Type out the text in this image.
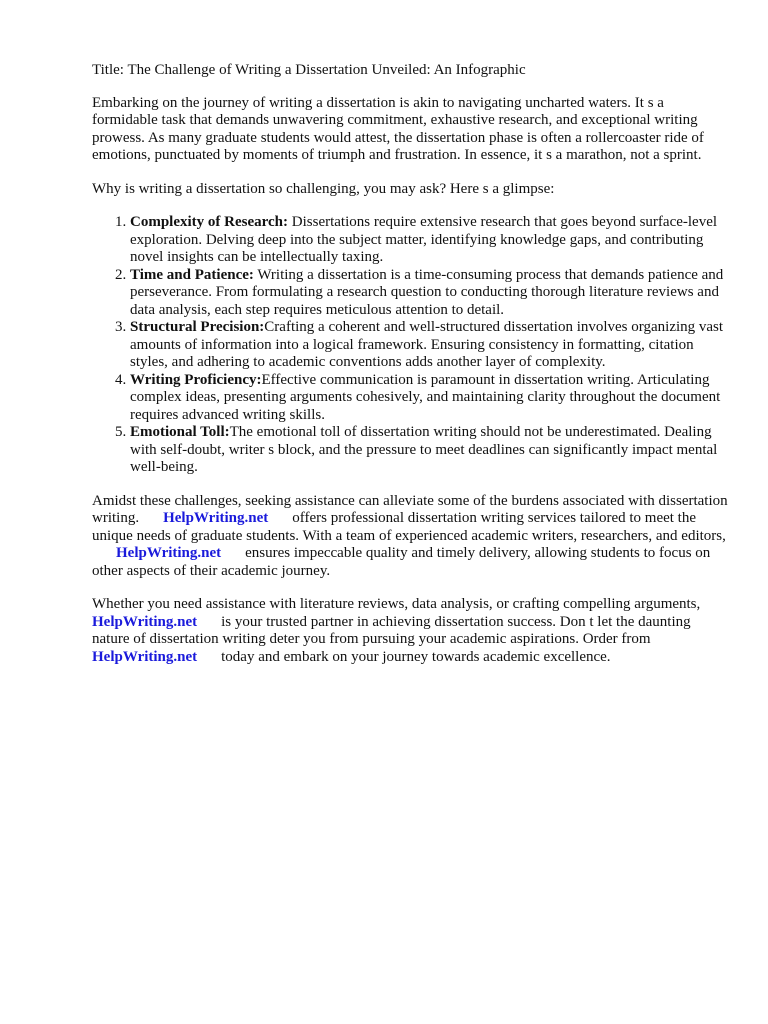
Title: The Challenge of Writing a Dissertation Unveiled: An Infographic

Embarking on the journey of writing a dissertation is akin to navigating uncharted waters. It s a formidable task that demands unwavering commitment, exhaustive research, and exceptional writing prowess. As many graduate students would attest, the dissertation phase is often a rollercoaster ride of emotions, punctuated by moments of triumph and frustration. In essence, it s a marathon, not a sprint.

Why is writing a dissertation so challenging, you may ask? Here s a glimpse:

1. Complexity of Research: Dissertations require extensive research that goes beyond surface-level exploration. Delving deep into the subject matter, identifying knowledge gaps, and contributing novel insights can be intellectually taxing.
2. Time and Patience: Writing a dissertation is a time-consuming process that demands patience and perseverance. From formulating a research question to conducting thorough literature reviews and data analysis, each step requires meticulous attention to detail.
3. Structural Precision:Crafting a coherent and well-structured dissertation involves organizing vast amounts of information into a logical framework. Ensuring consistency in formatting, citation styles, and adhering to academic conventions adds another layer of complexity.
4. Writing Proficiency:Effective communication is paramount in dissertation writing. Articulating complex ideas, presenting arguments cohesively, and maintaining clarity throughout the document requires advanced writing skills.
5. Emotional Toll:The emotional toll of dissertation writing should not be underestimated. Dealing with self-doubt, writer s block, and the pressure to meet deadlines can significantly impact mental well-being.

Amidst these challenges, seeking assistance can alleviate some of the burdens associated with dissertation writing. HelpWriting.net offers professional dissertation writing services tailored to meet the unique needs of graduate students. With a team of experienced academic writers, researchers, and editors,HelpWriting.net ensures impeccable quality and timely delivery, allowing students to focus on other aspects of their academic journey.

Whether you need assistance with literature reviews, data analysis, or crafting compelling arguments,HelpWriting.net is your trusted partner in achieving dissertation success. Don t let the daunting nature of dissertation writing deter you from pursuing your academic aspirations. Order fromHelpWriting.net today and embark on your journey towards academic excellence.
